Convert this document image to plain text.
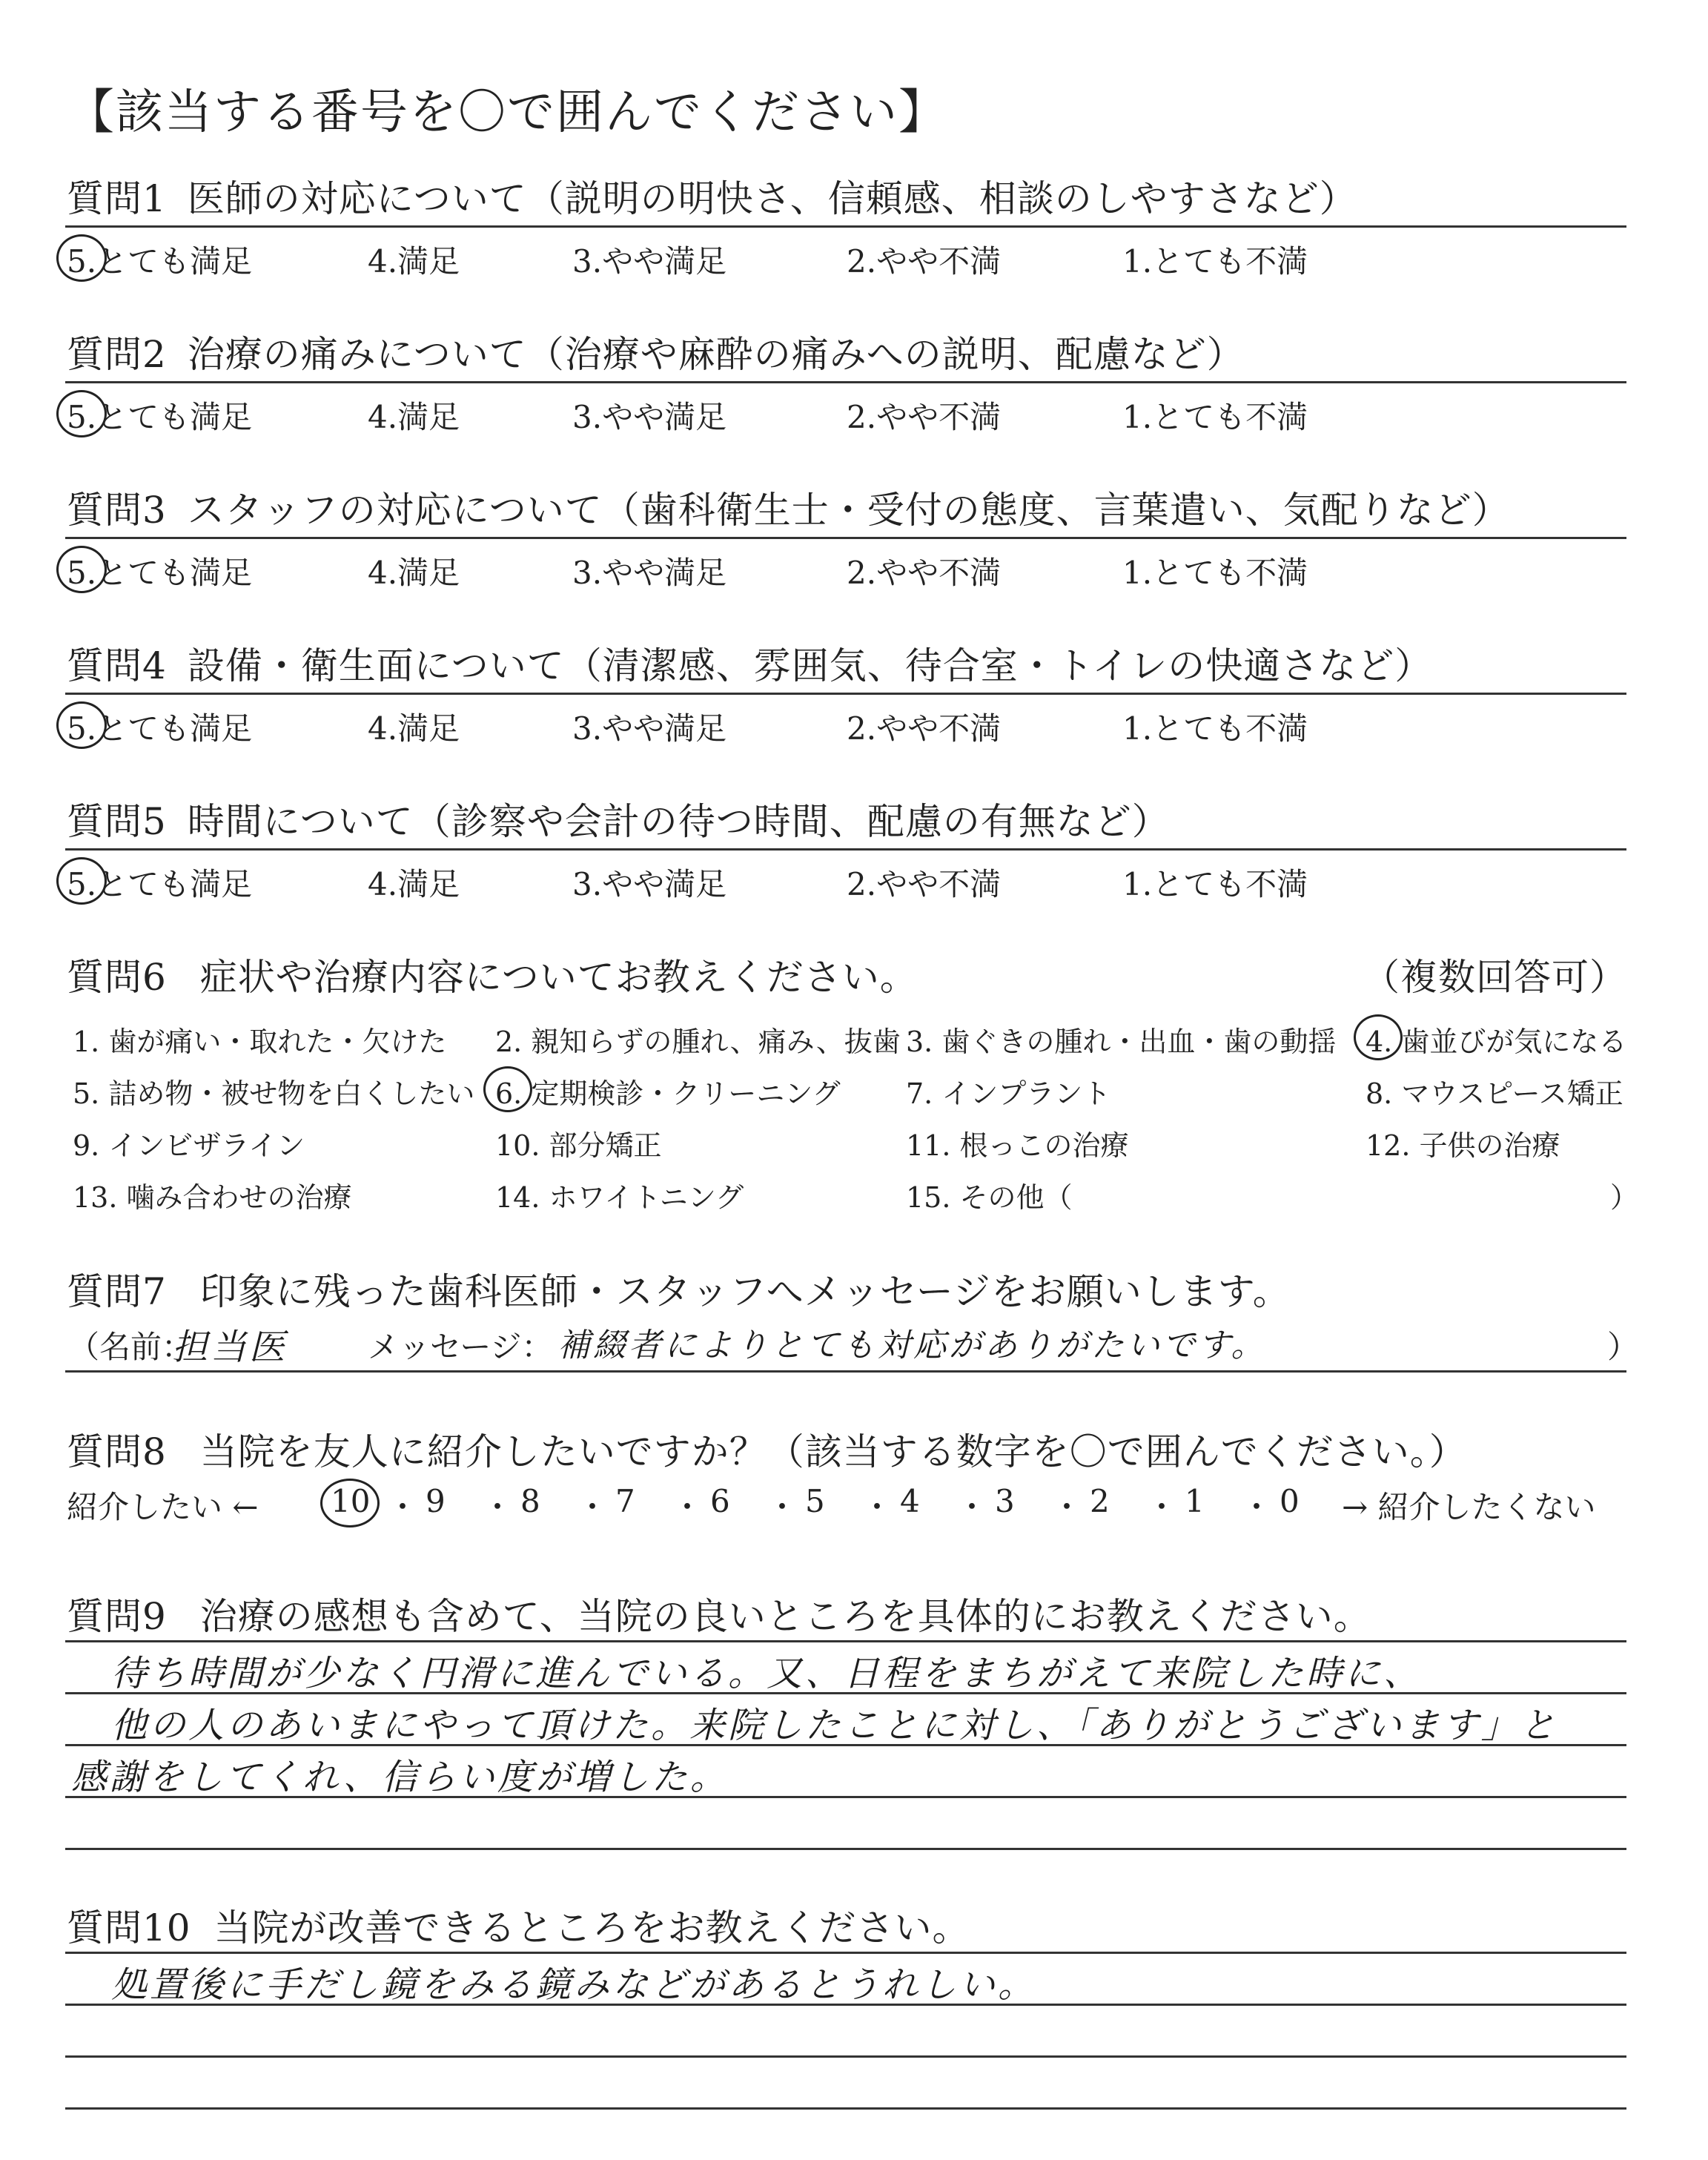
【該当する番号を〇で囲んでください】
質問1 医師の対応について（説明の明快さ、信頼感、相談のしやすさなど）
5.とても満足	4.満足	3.やや満足	2.やや不満	1.とても不満
質問2 治療の痛みについて（治療や麻酔の痛みへの説明、配慮など）
5.とても満足	4.満足	3.やや満足	2.やや不満	1.とても不満
質問3 スタッフの対応について（歯科衛生士・受付の態度、言葉遣い、気配りなど）
5.とても満足	4.満足	3.やや満足	2.やや不満	1.とても不満
質問4 設備・衛生面について（清潔感、雰囲気、待合室・トイレの快適さなど）
5.とても満足	4.満足	3.やや満足	2.やや不満	1.とても不満
質問5 時間について（診察や会計の待つ時間、配慮の有無など）
5.とても満足	4.満足	3.やや満足	2.やや不満	1.とても不満
質問6 症状や治療内容についてお教えください。	（複数回答可）
1. 歯が痛い・取れた・欠けた 2. 親知らずの腫れ、痛み、抜歯 3. 歯ぐきの腫れ・出血・歯の動揺 4. 歯並びが気になる
5. 詰め物・被せ物を白くしたい 6. 定期検診・クリーニング 7. インプラント	8. マウスピース矯正
9. インビザライン	10. 部分矯正	11. 根っこの治療	12. 子供の治療
13. 噛み合わせの治療	14. ホワイトニング	15. その他（	）
質問7 印象に残った歯科医師・スタッフへメッセージをお願いします。
（名前：
担当医	メッセージ： 補綴者によりとても対応がありがたいです。	）
質問8 当院を友人に紹介したいですか？（該当する数字を〇で囲んでください。）
紹介したい ← 10 ・ 9 ・ 8 ・ 7 ・ 6 ・ 5 ・ 4 ・ 3 ・ 2 ・ 1 ・ 0 → 紹介したくない
質問9 治療の感想も含めて、当院の良いところを具体的にお教えください。
待ち時間が少なく円滑に進んでいる。又、日程をまちがえて来院した時に、
他の人のあいまにやって頂けた。来院したことに対し、「ありがとうございます」と
感謝をしてくれ、信らい度が増した。
質問10 当院が改善できるところをお教えください。
処置後に手だし鏡をみる鏡みなどがあるとうれしい。
